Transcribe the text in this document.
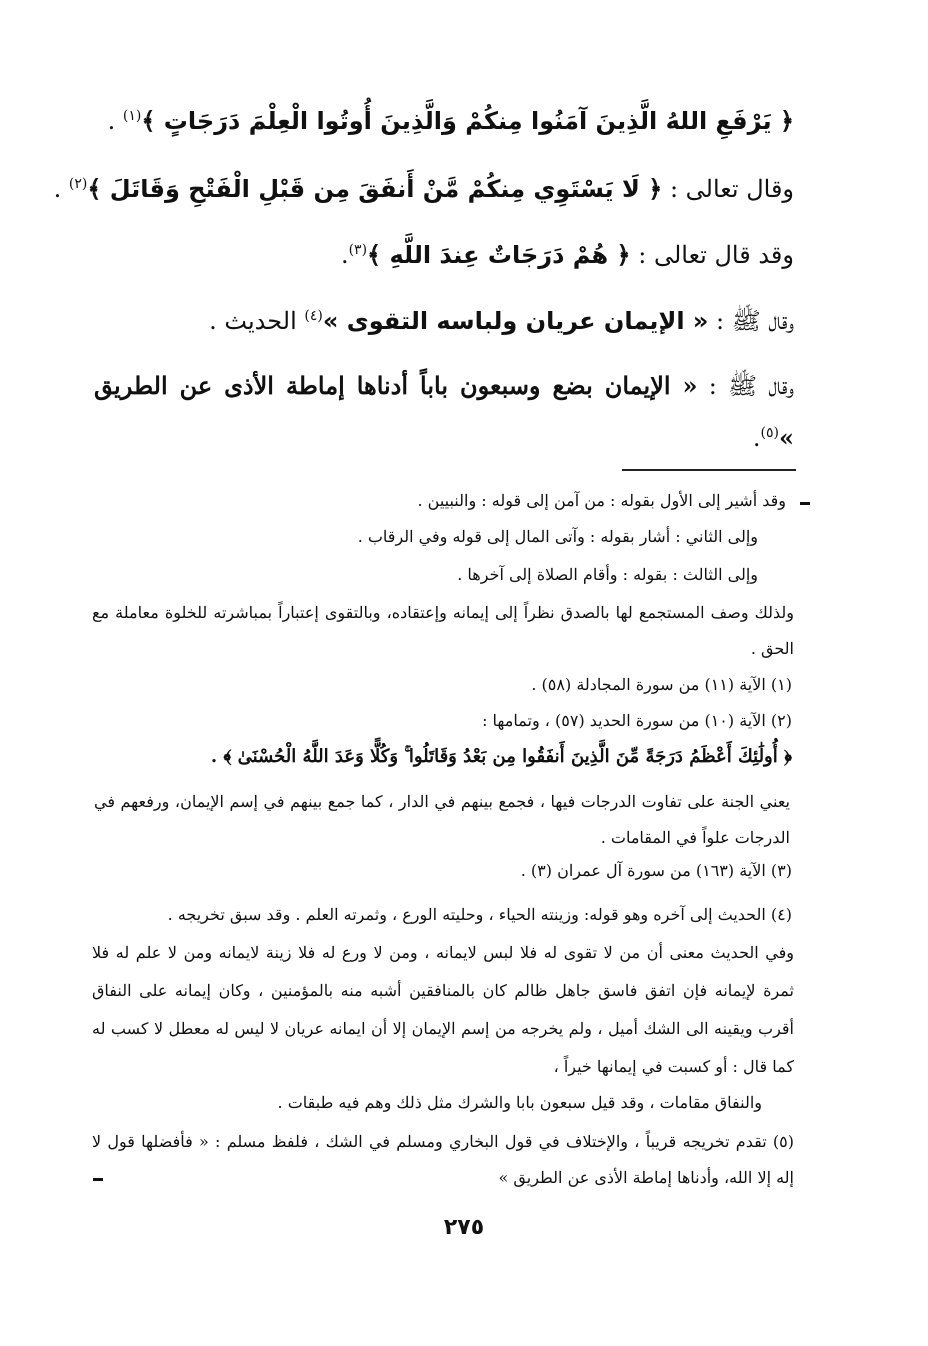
﴿ يَرْفَعِ اللهُ الَّذِينَ آمَنُوا مِنكُمْ وَالَّذِينَ أُوتُوا الْعِلْمَ دَرَجَاتٍ ﴾$^{(١)}$ .
وقال تعالى : ﴿ لَا يَسْتَوِي مِنكُمْ مَّنْ أَنفَقَ مِن قَبْلِ الْفَتْحِ وَقَاتَلَ ﴾$^{(٢)}$ .
وقد قال تعالى : ﴿ هُمْ دَرَجَاتٌ عِندَ اللَّهِ ﴾$^{(٣)}$.
وقال ﷺ : « الإيمان عريان ولباسه التقوى »$^{(٤)}$ الحديث .
وقال ﷺ : « الإيمان بضع وسبعون باباً أدناها إماطة الأذى عن الطريق »$^{(٥)}$.
وقد أشير إلى الأول بقوله : من آمن إلى قوله : والنبيين .
وإلى الثاني : أشار بقوله : وآتى المال إلى قوله وفي الرقاب .
وإلى الثالث : بقوله : وأقام الصلاة إلى آخرها .
ولذلك وصف المستجمع لها بالصدق نظراً إلى إيمانه وإعتقاده، وبالتقوى إعتباراً بمباشرته للخلوة معاملة مع الحق .
(١) الآية (١١) من سورة المجادلة (٥٨) .
(٢) الآية (١٠) من سورة الحديد (٥٧) ، وتمامها :
﴿ أُولَٰئِكَ أَعْظَمُ دَرَجَةً مِّنَ الَّذِينَ أَنفَقُوا مِن بَعْدُ وَقَاتَلُوا ۚ وَكُلًّا وَعَدَ اللَّهُ الْحُسْنَىٰ ﴾ .
يعني الجنة على تفاوت الدرجات فيها ، فجمع بينهم في الدار ، كما جمع بينهم في إسم الإيمان، ورفعهم في الدرجات علواً في المقامات .
(٣) الآية (١٦٣) من سورة آل عمران (٣) .
(٤) الحديث إلى آخره وهو قوله: وزينته الحياء ، وحليته الورع ، وثمرته العلم . وقد سبق تخريجه .
وفي الحديث معنى أن من لا تقوى له فلا لبس لايمانه ، ومن لا ورع له فلا زينة لايمانه ومن لا علم له فلا ثمرة لإيمانه فإن اتفق فاسق جاهل ظالم كان بالمنافقين أشبه منه بالمؤمنين ، وكان إيمانه على النفاق أقرب ويقينه الى الشك أميل ، ولم يخرجه من إسم الإيمان إلا أن ايمانه عريان لا ليس له معطل لا كسب له كما قال : أو كسبت في إيمانها خيراً ،
والنفاق مقامات ، وقد قيل سبعون بابا والشرك مثل ذلك وهم فيه طبقات .
(٥) تقدم تخريجه قريباً ، والإختلاف في قول البخاري ومسلم في الشك ، فلفظ مسلم : « فأفضلها قول لا إله إلا الله، وأدناها إماطة الأذى عن الطريق »
٢٧٥
